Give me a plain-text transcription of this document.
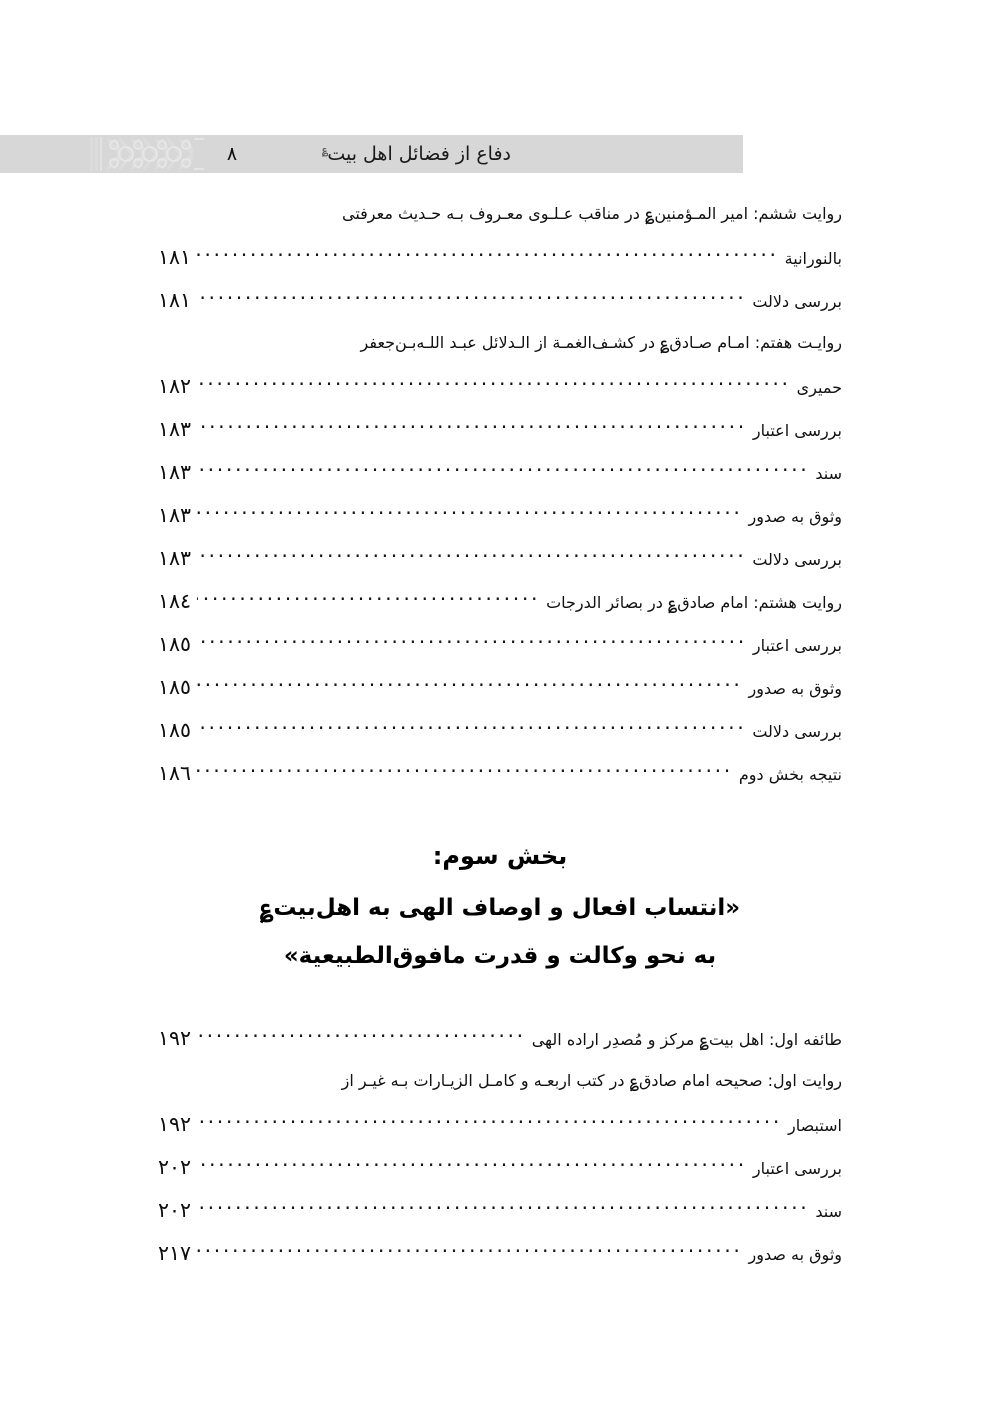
دفاع از فضائل اهل بیت؏
٨
روایت ششم: امیر المـؤمنین؏ در مناقب عـلـوی معـروف بـه حـدیث معرفتی
بالنورانیة
.....
١٨١
بررسی دلالت
.....
١٨١
روایـت هفتم: امـام صـادق؏ در کشـف‌الغمـة از الـدلائل عبـد اللـه‌بـن‌جعفر
حمیری
.....
١٨٢
بررسی اعتبار
.....
١٨٣
سند
.....
١٨٣
وثوق به صدور
.....
١٨٣
بررسی دلالت
.....
١٨٣
روایت هشتم: امام صادق؏ در بصائر الدرجات
.....
١٨٤
بررسی اعتبار
.....
١٨٥
وثوق به صدور
.....
١٨٥
بررسی دلالت
.....
١٨٥
نتیجه بخش دوم
.....
١٨٦
بخش سوم:
«انتساب افعال و اوصاف الهی به اهل‌بیت؏
به نحو وکالت و قدرت مافوق‌الطبیعیة»
طائفه اول: اهل بیت؏ مرکز و مُصدِر اراده الهی
.....
١٩٢
روایت اول: صحیحه امام صادق؏ در کتب اربعـه و کامـل الزیـارات بـه غیـر از
استبصار
.....
١٩٢
بررسی اعتبار
.....
٢٠٢
سند
.....
٢٠٢
وثوق به صدور
.....
٢١٧
